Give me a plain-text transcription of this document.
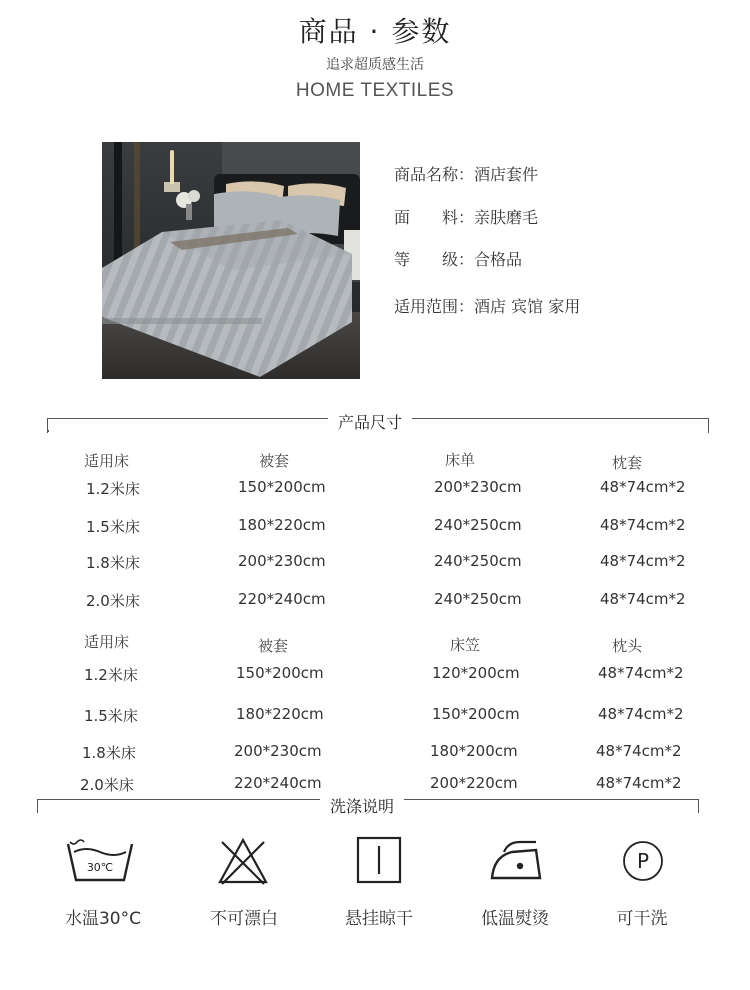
商品 · 参数
追求超质感生活
HOME TEXTILES
商品名称：酒店套件
面　　料：亲肤磨毛
等　　级：合格品
适用范围：酒店 宾馆 家用
产品尺寸
适用床	被套	床单	枕套
1.2米床	150*200cm	200*230cm	48*74cm*2
1.5米床	180*220cm	240*250cm	48*74cm*2
1.8米床	200*230cm	240*250cm	48*74cm*2
2.0米床	220*240cm	240*250cm	48*74cm*2
适用床	被套	床笠	枕头
1.2米床	150*200cm	120*200cm	48*74cm*2
1.5米床	180*220cm	150*200cm	48*74cm*2
1.8米床	200*230cm	180*200cm	48*74cm*2
2.0米床	220*240cm	200*220cm	48*74cm*2
洗涤说明
30℃	P
水温30°C	不可漂白	悬挂晾干	低温熨烫	可干洗
